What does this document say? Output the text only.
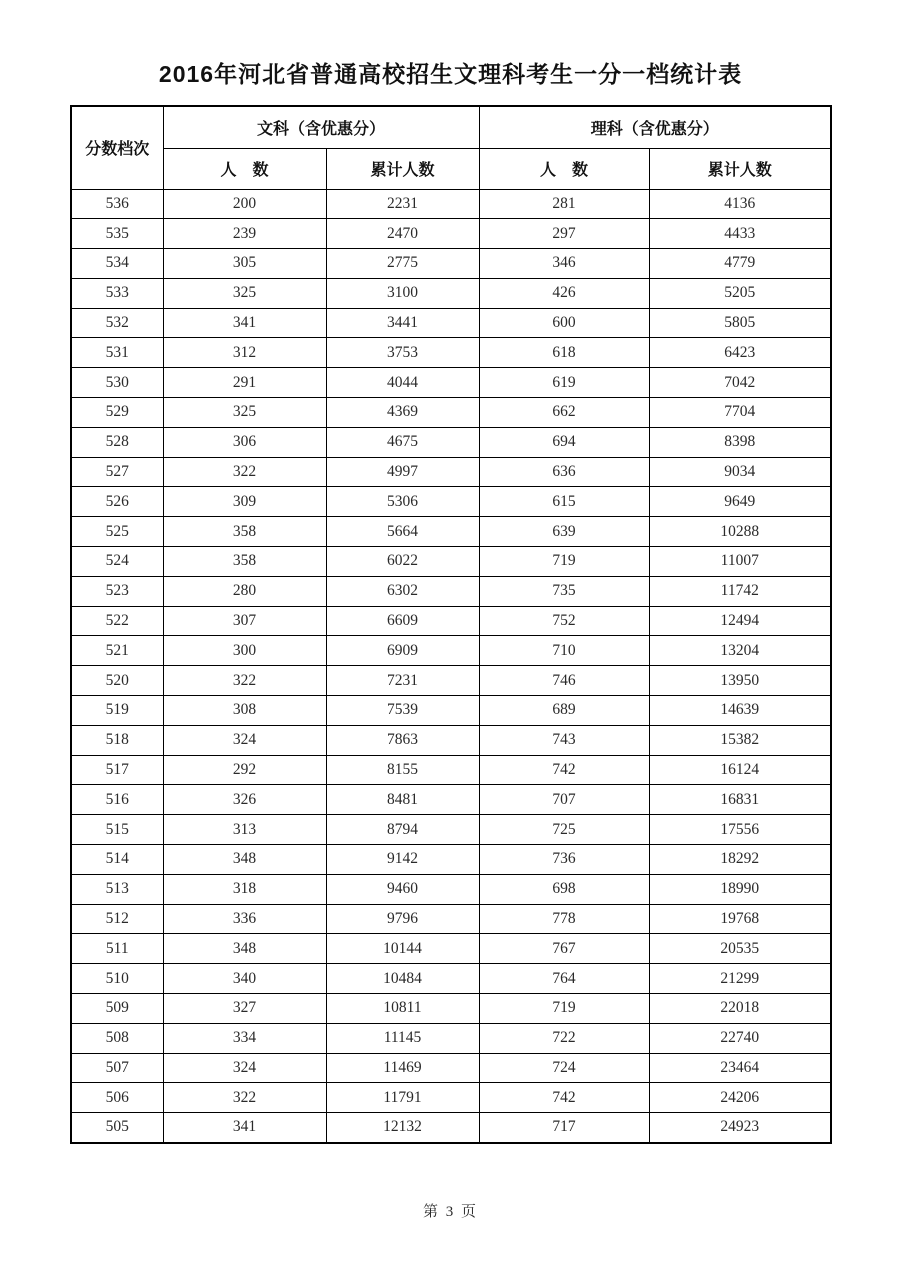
2016年河北省普通高校招生文理科考生一分一档统计表
分数档次	文科（含优惠分）		理科（含优惠分）	
	人　数	累计人数	人　数	累计人数
536	200	2231	281	4136
535	239	2470	297	4433
534	305	2775	346	4779
533	325	3100	426	5205
532	341	3441	600	5805
531	312	3753	618	6423
530	291	4044	619	7042
529	325	4369	662	7704
528	306	4675	694	8398
527	322	4997	636	9034
526	309	5306	615	9649
525	358	5664	639	10288
524	358	6022	719	11007
523	280	6302	735	11742
522	307	6609	752	12494
521	300	6909	710	13204
520	322	7231	746	13950
519	308	7539	689	14639
518	324	7863	743	15382
517	292	8155	742	16124
516	326	8481	707	16831
515	313	8794	725	17556
514	348	9142	736	18292
513	318	9460	698	18990
512	336	9796	778	19768
511	348	10144	767	20535
510	340	10484	764	21299
509	327	10811	719	22018
508	334	11145	722	22740
507	324	11469	724	23464
506	322	11791	742	24206
505	341	12132	717	24923
第 3 页
